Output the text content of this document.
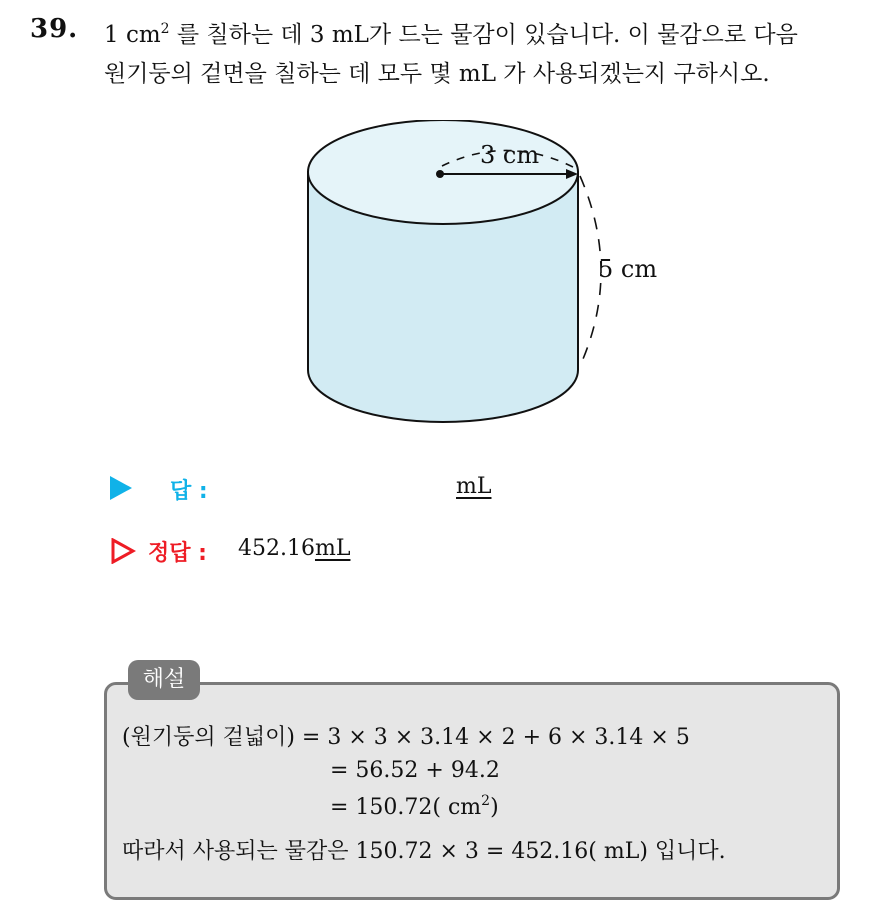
39. 1 $cm^2$ 를 칠하는 데 3 mL가 드는 물감이 있습니다. 이 물감으로 다음
원기둥의 겉면을 칠하는 데 모두 몇 mL 가 사용되겠는지 구하시오.
3 cm
5 cm
답 :	mL
정답 : 452.16mL
해설
(원기둥의 겉넓이) = 3 × 3 × 3.14 × 2 + 6 × 3.14 × 5
= 56.52 + 94.2
= 150.72( $cm^2$)
따라서 사용되는 물감은 150.72 × 3 = 452.16( mL) 입니다.
